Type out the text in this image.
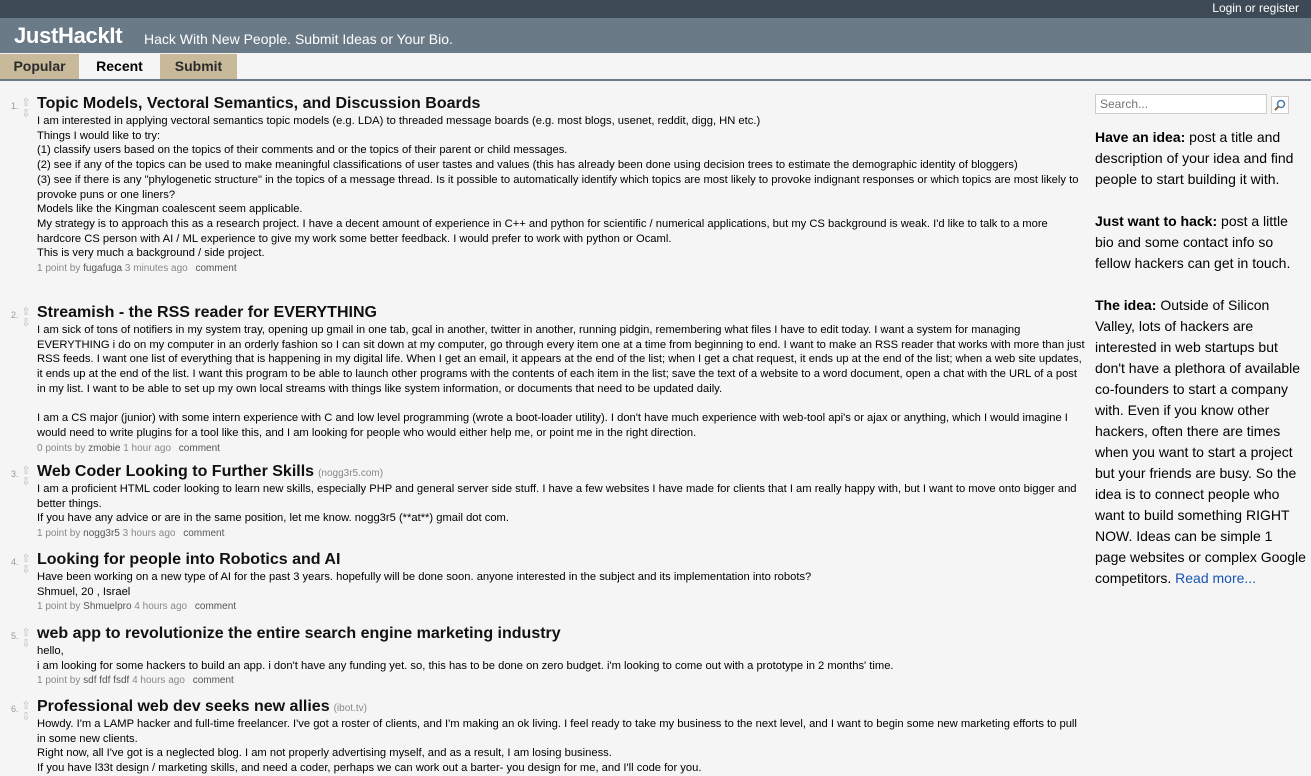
Login or register
JustHackIt Hack With New People. Submit Ideas or Your Bio.
Popular	Recent	Submit
1. ⇧
⇩
Topic Models, Vectoral Semantics, and Discussion Boards

I am interested in applying vectoral semantics topic models (e.g. LDA) to threaded message boards (e.g. most blogs, usenet, reddit, digg, HN etc.)

Things I would like to try:

(1) classify users based on the topics of their comments and or the topics of their parent or child messages.

(2) see if any of the topics can be used to make meaningful classifications of user tastes and values (this has already been done using decision trees to estimate the demographic identity of bloggers)

(3) see if there is any "phylogenetic structure" in the topics of a message thread. Is it possible to automatically identify which topics are most likely to provoke indignant responses or which topics are most likely to provoke puns or one liners?

Models like the Kingman coalescent seem applicable.

My strategy is to approach this as a research project. I have a decent amount of experience in C++ and python for scientific / numerical applications, but my CS background is weak. I'd like to talk to a more hardcore CS person with AI / ML experience to give my work some better feedback. I would prefer to work with python or Ocaml.

This is very much a background / side project.

1 point by fugafuga 3 minutes ago comment
2. ⇧
⇩
Streamish - the RSS reader for EVERYTHING

I am sick of tons of notifiers in my system tray, opening up gmail in one tab, gcal in another, twitter in another, running pidgin, remembering what files I have to edit today. I want a system for managing EVERYTHING i do on my computer in an orderly fashion so I can sit down at my computer, go through every item one at a time from beginning to end. I want to make an RSS reader that works with more than just RSS feeds. I want one list of everything that is happening in my digital life. When I get an email, it appears at the end of the list; when I get a chat request, it ends up at the end of the list; when a web site updates, it ends up at the end of the list. I want this program to be able to launch other programs with the contents of each item in the list; save the text of a website to a word document, open a chat with the URL of a post in my list. I want to be able to set up my own local streams with things like system information, or documents that need to be updated daily.

I am a CS major (junior) with some intern experience with C and low level programming (wrote a boot-loader utility). I don't have much experience with web-tool api's or ajax or anything, which I would imagine I would need to write plugins for a tool like this, and I am looking for people who would either help me, or point me in the right direction.

0 points by zmobie 1 hour ago comment
3. ⇧
⇩
Web Coder Looking to Further Skills (nogg3r5.com)

I am a proficient HTML coder looking to learn new skills, especially PHP and general server side stuff. I have a few websites I have made for clients that I am really happy with, but I want to move onto bigger and better things.

If you have any advice or are in the same position, let me know. nogg3r5 (**at**) gmail dot com.

1 point by nogg3r5 3 hours ago comment
4. ⇧
⇩
Looking for people into Robotics and AI

Have been working on a new type of AI for the past 3 years. hopefully will be done soon. anyone interested in the subject and its implementation into robots?

Shmuel, 20 , Israel

1 point by Shmuelpro 4 hours ago comment
5. ⇧
⇩
web app to revolutionize the entire search engine marketing industry

hello,

i am looking for some hackers to build an app. i don't have any funding yet. so, this has to be done on zero budget. i'm looking to come out with a prototype in 2 months' time.

1 point by sdf fdf fsdf 4 hours ago comment
6. ⇧
⇩
Professional web dev seeks new allies (ibot.tv)

Howdy. I'm a LAMP hacker and full-time freelancer. I've got a roster of clients, and I'm making an ok living. I feel ready to take my business to the next level, and I want to begin some new marketing efforts to pull in some new clients.

Right now, all I've got is a neglected blog. I am not properly advertising myself, and as a result, I am losing business.

If you have l33t design / marketing skills, and need a coder, perhaps we can work out a barter- you design for me, and I'll code for you.

Search...

Have an idea: post a title and description of your idea and find people to start building it with.

Just want to hack: post a little bio and some contact info so fellow hackers can get in touch.

The idea: Outside of Silicon Valley, lots of hackers are interested in web startups but don't have a plethora of available co-founders to start a company with. Even if you know other hackers, often there are times when you want to start a project but your friends are busy. So the idea is to connect people who want to build something RIGHT NOW. Ideas can be simple 1 page websites or complex Google competitors. Read more...
